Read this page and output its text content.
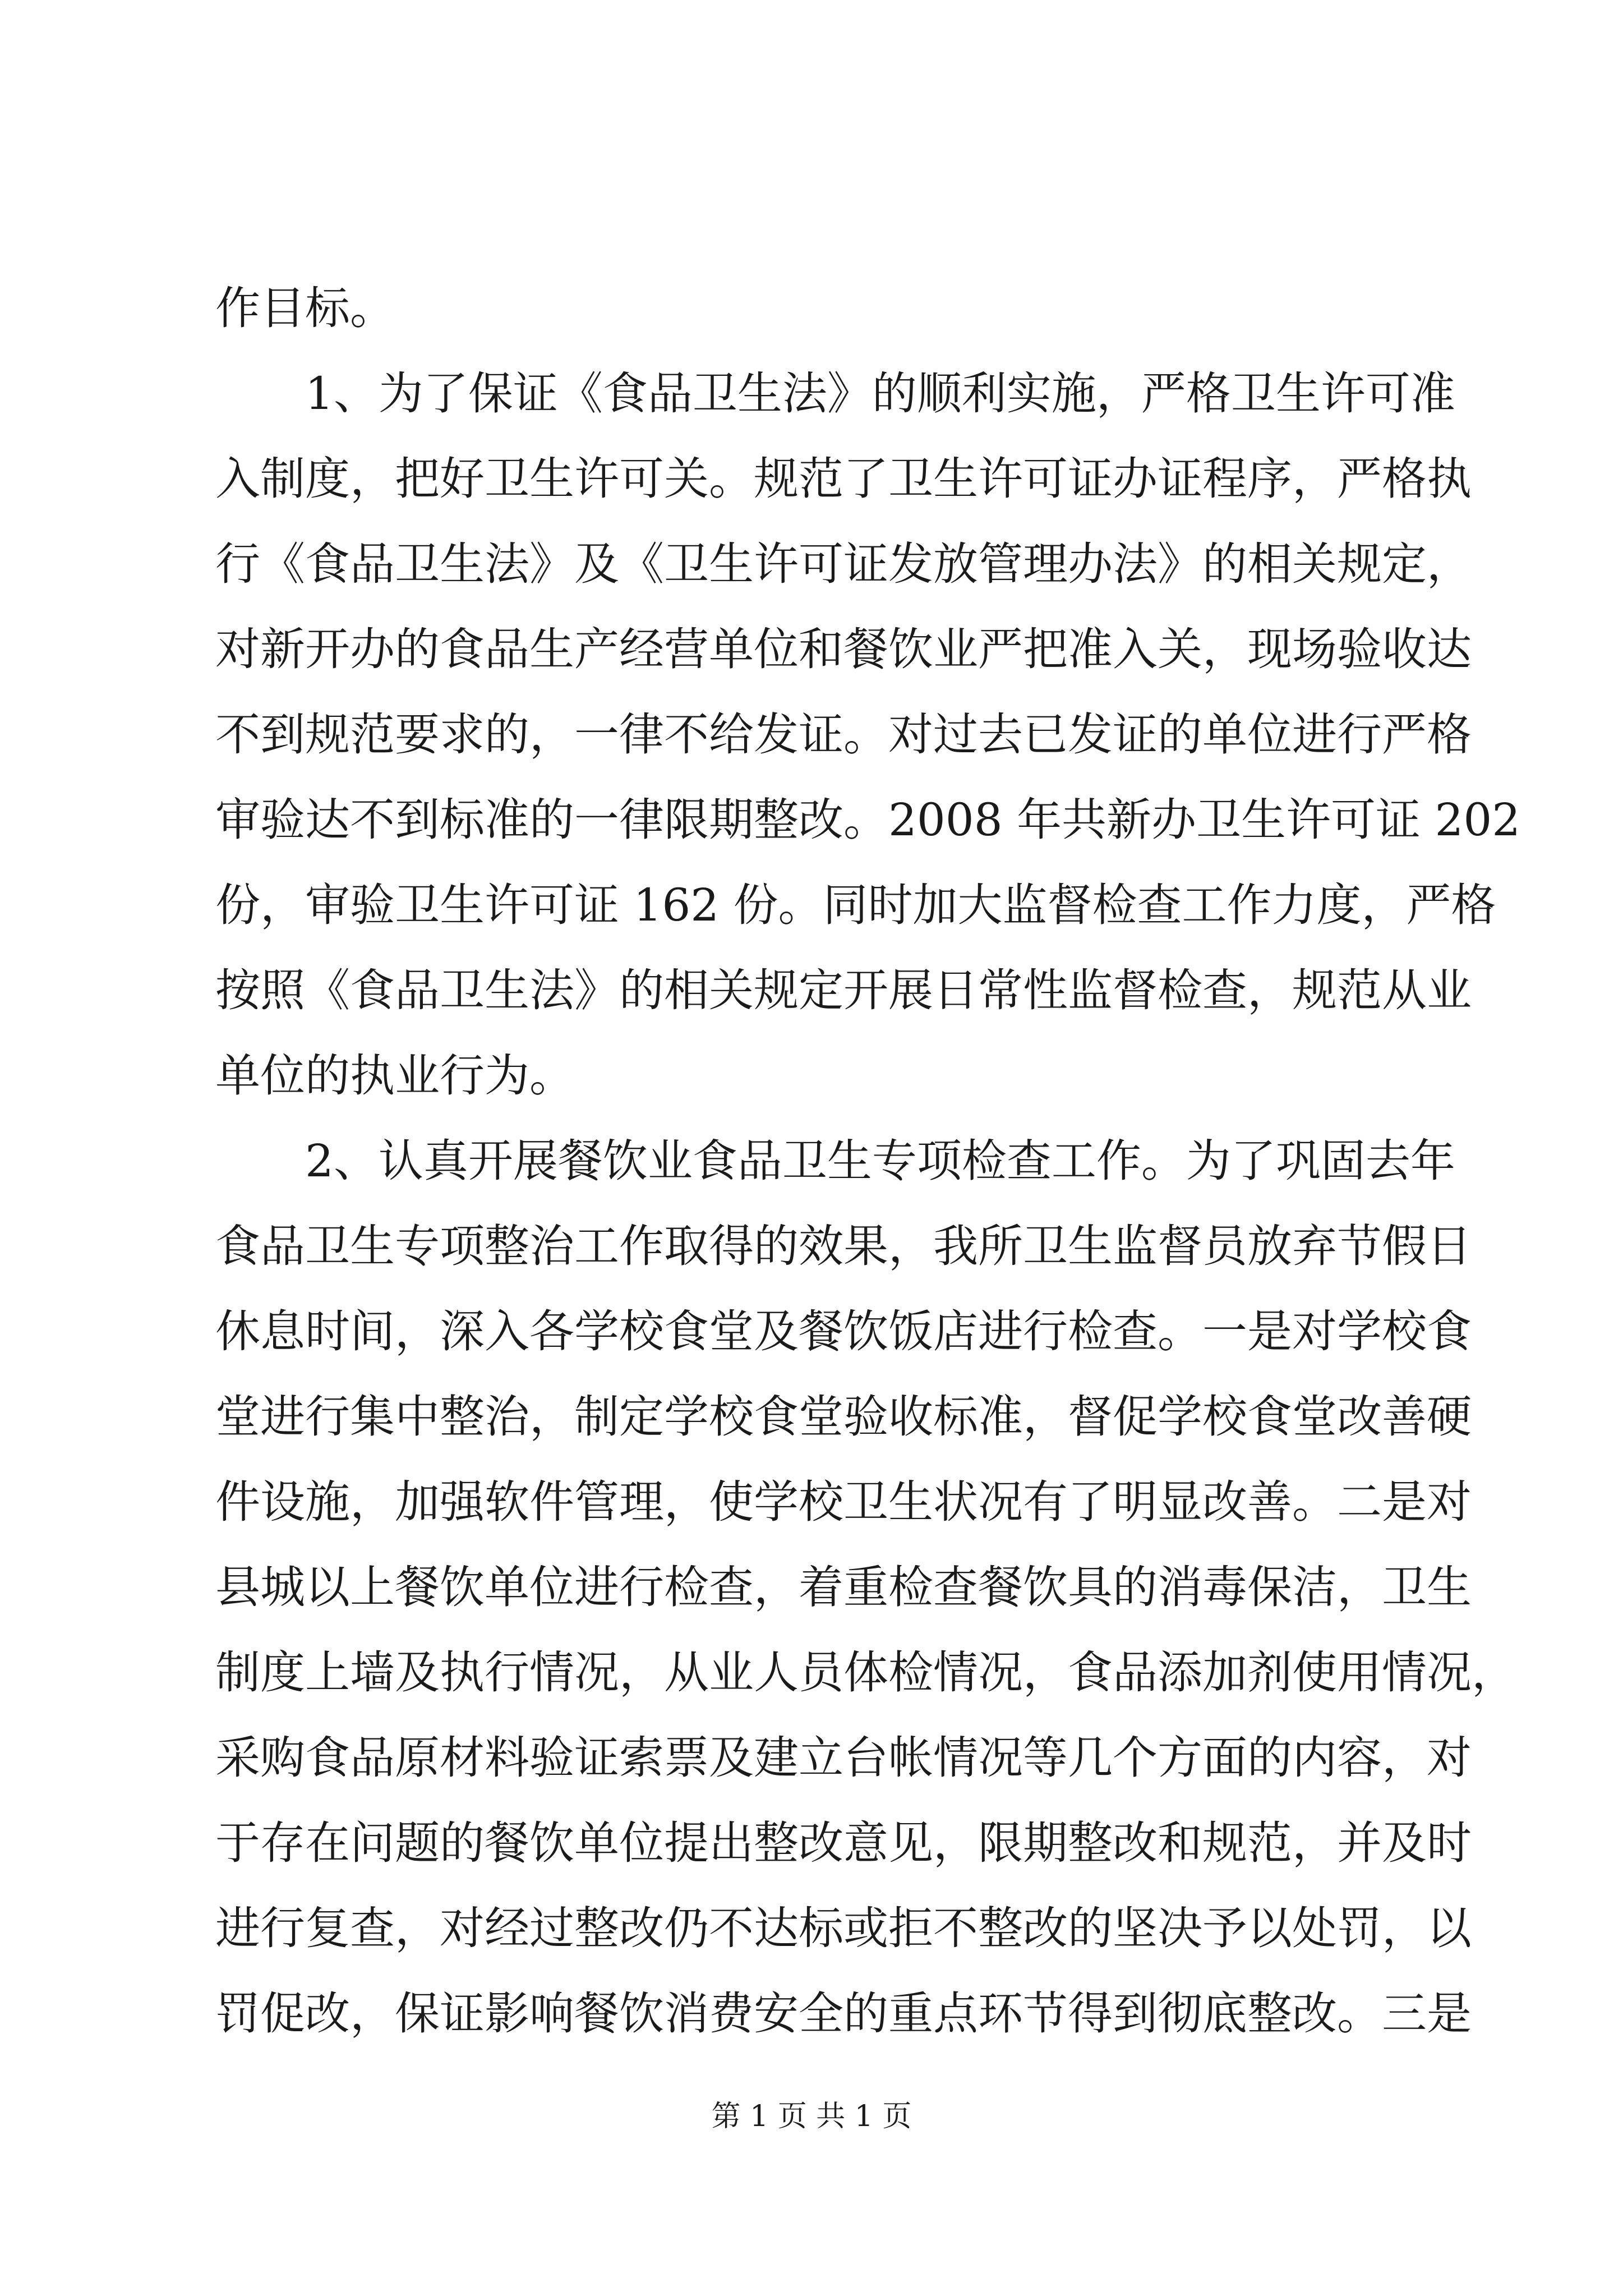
作目标。
1、为了保证《食品卫生法》的顺利实施，严格卫生许可准
入制度，把好卫生许可关。规范了卫生许可证办证程序，严格执
行《食品卫生法》及《卫生许可证发放管理办法》的相关规定，
对新开办的食品生产经营单位和餐饮业严把准入关，现场验收达
不到规范要求的，一律不给发证。对过去已发证的单位进行严格
审验达不到标准的一律限期整改。2008 年共新办卫生许可证 202
份，审验卫生许可证 162 份。同时加大监督检查工作力度，严格
按照《食品卫生法》的相关规定开展日常性监督检查，规范从业
单位的执业行为。
2、认真开展餐饮业食品卫生专项检查工作。为了巩固去年
食品卫生专项整治工作取得的效果，我所卫生监督员放弃节假日
休息时间，深入各学校食堂及餐饮饭店进行检查。一是对学校食
堂进行集中整治，制定学校食堂验收标准，督促学校食堂改善硬
件设施，加强软件管理，使学校卫生状况有了明显改善。二是对
县城以上餐饮单位进行检查，着重检查餐饮具的消毒保洁，卫生
制度上墙及执行情况，从业人员体检情况，食品添加剂使用情况，
采购食品原材料验证索票及建立台帐情况等几个方面的内容，对
于存在问题的餐饮单位提出整改意见，限期整改和规范，并及时
进行复查，对经过整改仍不达标或拒不整改的坚决予以处罚，以
罚促改，保证影响餐饮消费安全的重点环节得到彻底整改。三是
第 1 页 共 1 页
